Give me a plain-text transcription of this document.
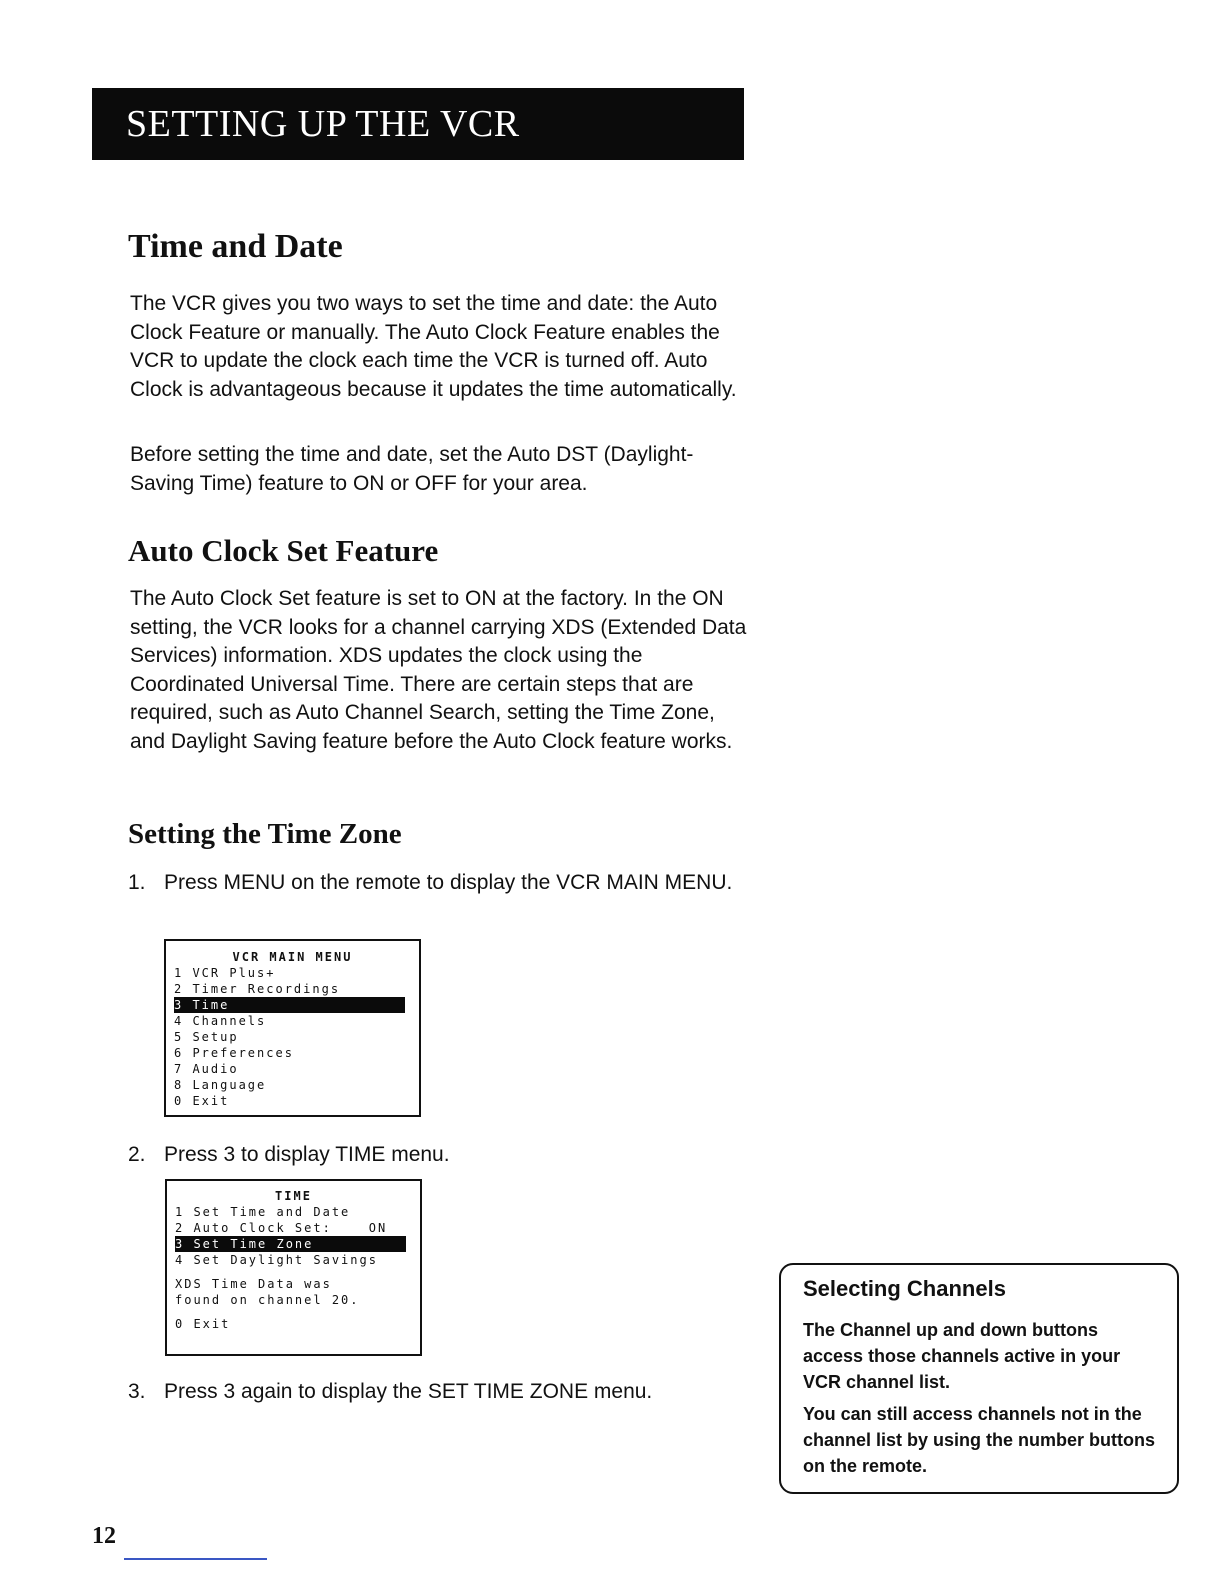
SETTING UP THE VCR
Time and Date

The VCR gives you two ways to set the time and date: the Auto Clock Feature or manually. The Auto Clock Feature enables the VCR to update the clock each time the VCR is turned off. Auto Clock is advantageous because it updates the time automatically.

Before setting the time and date, set the Auto DST (Daylight-Saving Time) feature to ON or OFF for your area.

Auto Clock Set Feature

The Auto Clock Set feature is set to ON at the factory. In the ON setting, the VCR looks for a channel carrying XDS (Extended Data Services) information. XDS updates the clock using the Coordinated Universal Time. There are certain steps that are required, such as Auto Channel Search, setting the Time Zone, and Daylight Saving feature before the Auto Clock feature works.

Setting the Time Zone
1. Press MENU on the remote to display the VCR MAIN MENU.
VCR MAIN MENU
1 VCR Plus+
2 Timer Recordings
3 Time
4 Channels
5 Setup
6 Preferences
7 Audio
8 Language
0 Exit
2. Press 3 to display TIME menu.
TIME
1 Set Time and Date
2 Auto Clock Set:    ON
3 Set Time Zone
4 Set Daylight Savings
XDS Time Data was
found on channel 20.
0 Exit
3. Press 3 again to display the SET TIME ZONE menu.
Selecting Channels

The Channel up and down buttons access those channels active in your VCR channel list.

You can still access channels not in the channel list by using the number buttons on the remote.

12
